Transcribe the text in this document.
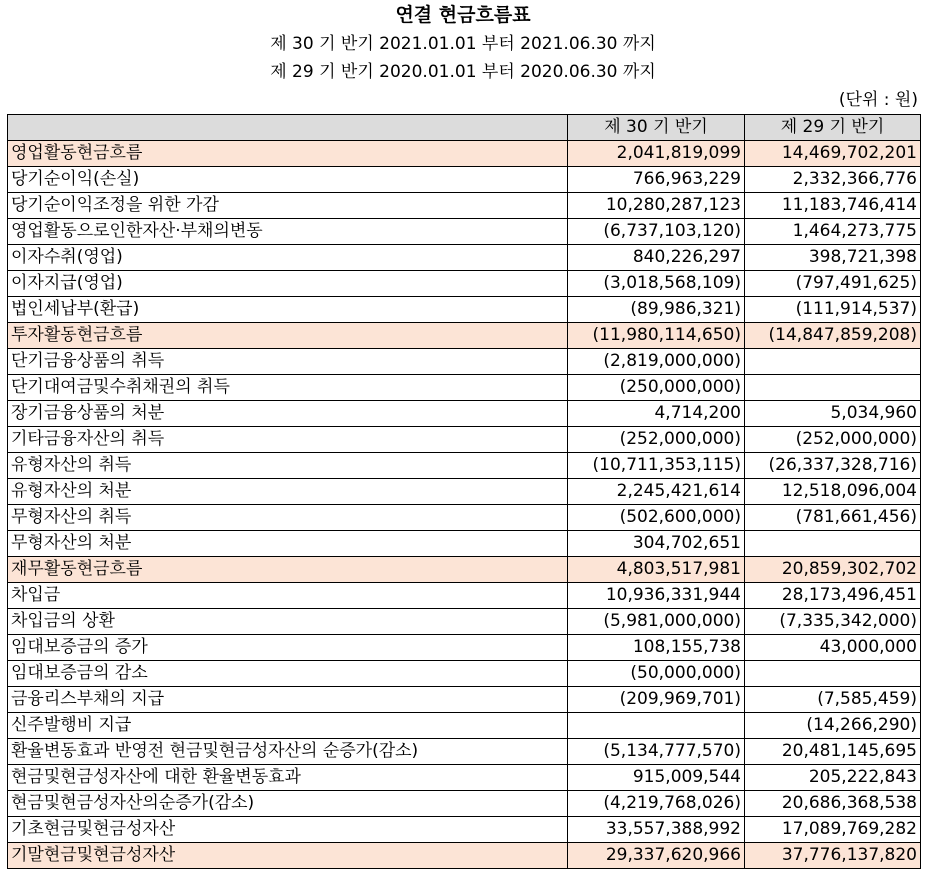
연결 현금흐름표
제 30 기 반기 2021.01.01 부터 2021.06.30 까지
제 29 기 반기 2020.01.01 부터 2020.06.30 까지
(단위 : 원)
	제 30 기 반기	제 29 기 반기
영업활동현금흐름	2,041,819,099	14,469,702,201
당기순이익(손실)	766,963,229	2,332,366,776
당기순이익조정을 위한 가감	10,280,287,123	11,183,746,414
영업활동으로인한자산·부채의변동	(6,737,103,120)	1,464,273,775
이자수취(영업)	840,226,297	398,721,398
이자지급(영업)	(3,018,568,109)	(797,491,625)
법인세납부(환급)	(89,986,321)	(111,914,537)
투자활동현금흐름	(11,980,114,650)	(14,847,859,208)
단기금융상품의 취득	(2,819,000,000)	
단기대여금및수취채권의 취득	(250,000,000)	
장기금융상품의 처분	4,714,200	5,034,960
기타금융자산의 취득	(252,000,000)	(252,000,000)
유형자산의 취득	(10,711,353,115)	(26,337,328,716)
유형자산의 처분	2,245,421,614	12,518,096,004
무형자산의 취득	(502,600,000)	(781,661,456)
무형자산의 처분	304,702,651	
재무활동현금흐름	4,803,517,981	20,859,302,702
차입금	10,936,331,944	28,173,496,451
차입금의 상환	(5,981,000,000)	(7,335,342,000)
임대보증금의 증가	108,155,738	43,000,000
임대보증금의 감소	(50,000,000)	
금융리스부채의 지급	(209,969,701)	(7,585,459)
신주발행비 지급		(14,266,290)
환율변동효과 반영전 현금및현금성자산의 순증가(감소)	(5,134,777,570)	20,481,145,695
현금및현금성자산에 대한 환율변동효과	915,009,544	205,222,843
현금및현금성자산의순증가(감소)	(4,219,768,026)	20,686,368,538
기초현금및현금성자산	33,557,388,992	17,089,769,282
기말현금및현금성자산	29,337,620,966	37,776,137,820
